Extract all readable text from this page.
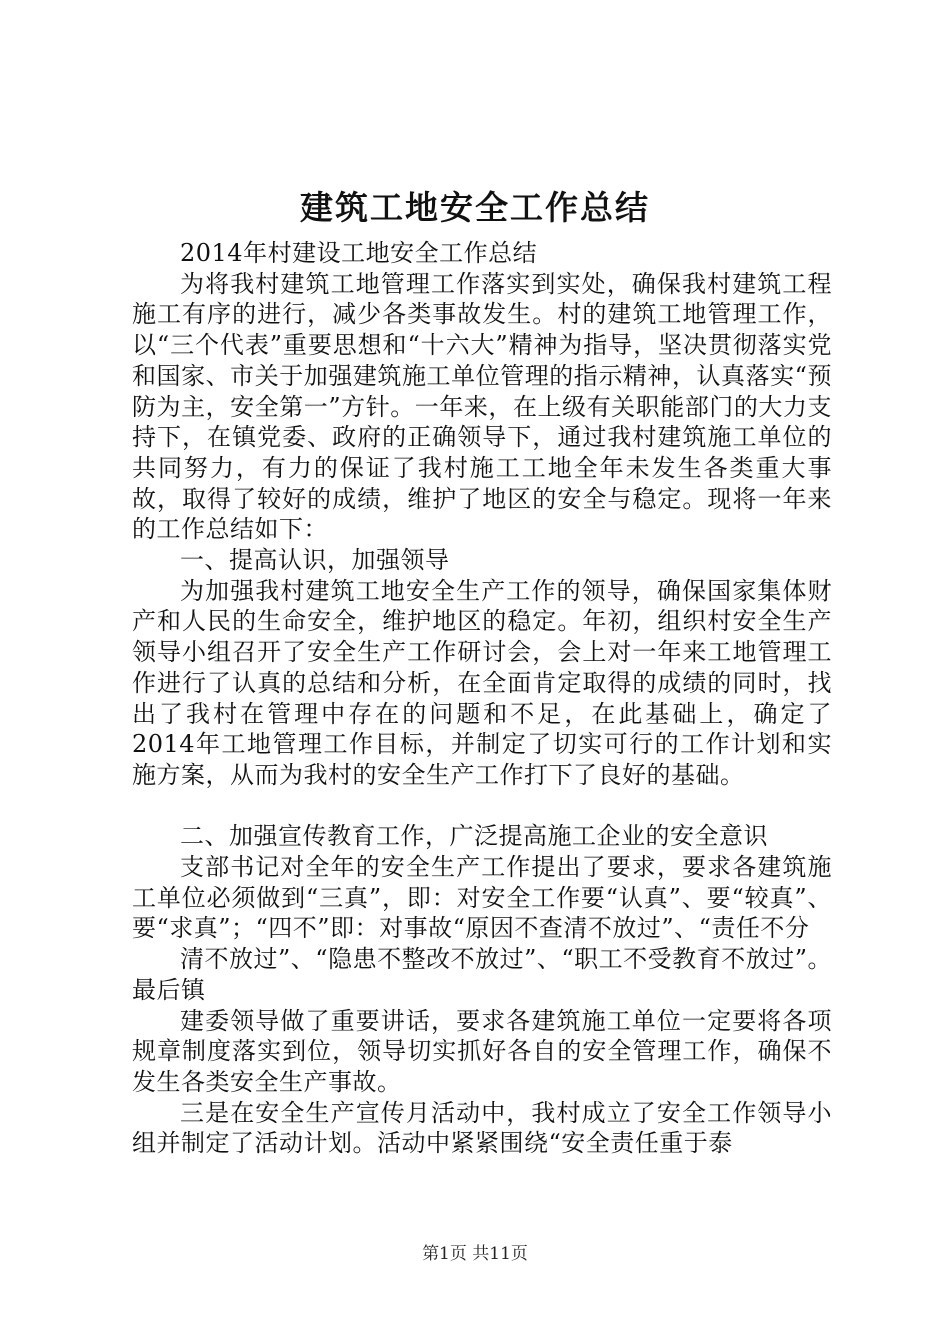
建筑工地安全工作总结

2014年村建设工地安全工作总结

为将我村建筑工地管理工作落实到实处，确保我村建筑工程施工有序的进行，减少各类事故发生。村的建筑工地管理工作，以“三个代表”重要思想和“十六大”精神为指导，坚决贯彻落实党和国家、市关于加强建筑施工单位管理的指示精神，认真落实“预防为主，安全第一”方针。一年来，在上级有关职能部门的大力支持下，在镇党委、政府的正确领导下，通过我村建筑施工单位的共同努力，有力的保证了我村施工工地全年未发生各类重大事故，取得了较好的成绩，维护了地区的安全与稳定。现将一年来的工作总结如下：

一、提高认识，加强领导

为加强我村建筑工地安全生产工作的领导，确保国家集体财产和人民的生命安全，维护地区的稳定。年初，组织村安全生产领导小组召开了安全生产工作研讨会，会上对一年来工地管理工作进行了认真的总结和分析，在全面肯定取得的成绩的同时，找出了我村在管理中存在的问题和不足，在此基础上，确定了2014年工地管理工作目标，并制定了切实可行的工作计划和实施方案，从而为我村的安全生产工作打下了良好的基础。

二、加强宣传教育工作，广泛提高施工企业的安全意识

支部书记对全年的安全生产工作提出了要求，要求各建筑施工单位必须做到“三真”，即：对安全工作要“认真”、要“较真”、要“求真”；“四不”即：对事故“原因不查清不放过”、“责任不分

清不放过”、“隐患不整改不放过”、“职工不受教育不放过”。最后镇

建委领导做了重要讲话，要求各建筑施工单位一定要将各项规章制度落实到位，领导切实抓好各自的安全管理工作，确保不发生各类安全生产事故。

三是在安全生产宣传月活动中，我村成立了安全工作领导小组并制定了活动计划。活动中紧紧围绕“安全责任重于泰

第1页 共11页
